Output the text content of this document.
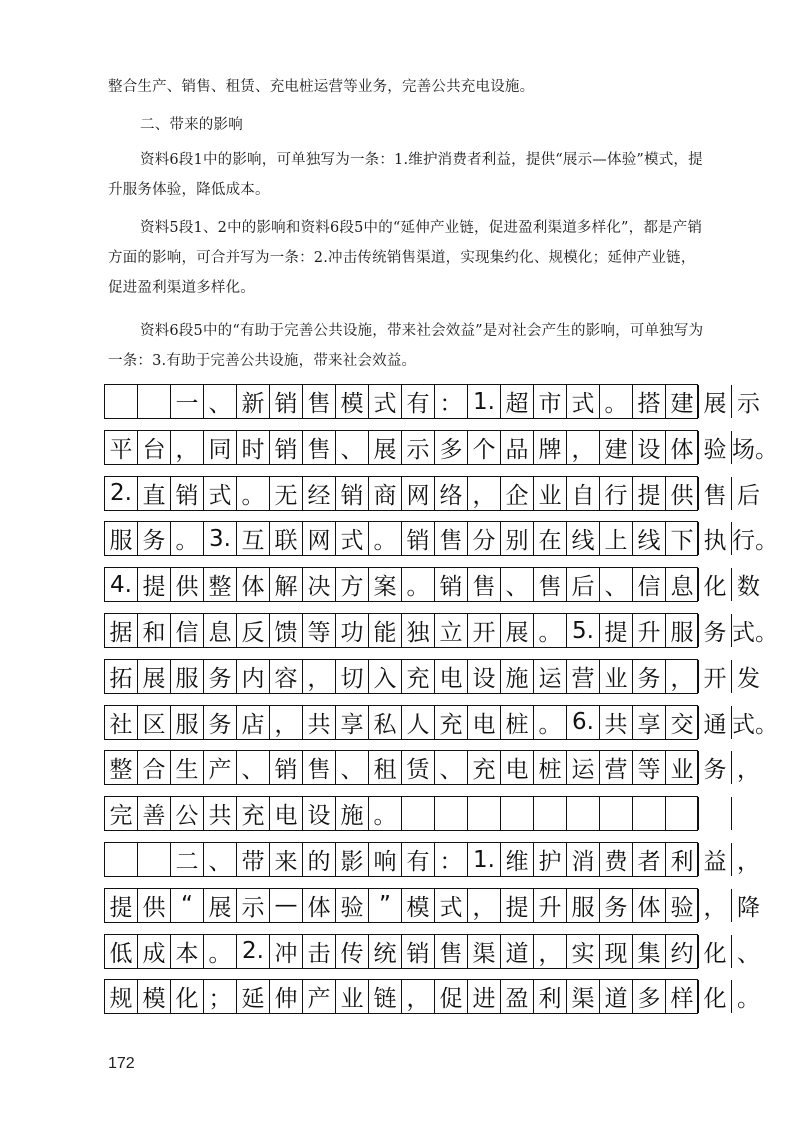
整合生产、销售、租赁、充电桩运营等业务，完善公共充电设施。

二、带来的影响

资料6段1中的影响，可单独写为一条：1.维护消费者利益，提供“展示—体验”模式，提升服务体验，降低成本。

资料5段1、2中的影响和资料6段5中的“延伸产业链，促进盈利渠道多样化”，都是产销方面的影响，可合并写为一条：2.冲击传统销售渠道，实现集约化、规模化；延伸产业链，促进盈利渠道多样化。

资料6段5中的“有助于完善公共设施，带来社会效益”是对社会产生的影响，可单独写为一条：3.有助于完善公共设施，带来社会效益。

一 、 新 销 售 模 式 有 ： 1. 超 市 式 。 搭 建 展 示
平 台 ， 同 时 销 售 、 展 示 多 个 品 牌 ， 建 设 体 验 场。
2. 直 销 式 。 无 经 销 商 网 络 ， 企 业 自 行 提 供 售 后
服 务 。 3. 互 联 网 式 。 销 售 分 别 在 线 上 线 下 执 行。
4. 提 供 整 体 解 决 方 案 。 销 售 、 售 后 、 信 息 化 数
据 和 信 息 反 馈 等 功 能 独 立 开 展 。 5. 提 升 服 务 式。
拓 展 服 务 内 容 ， 切 入 充 电 设 施 运 营 业 务 ， 开 发
社 区 服 务 店 ， 共 享 私 人 充 电 桩 。 6. 共 享 交 通 式。
整 合 生 产 、 销 售 、 租 赁 、 充 电 桩 运 营 等 业 务 ，
完 善 公 共 充 电 设 施 。
二 、 带 来 的 影 响 有 ： 1. 维 护 消 费 者 利 益 ，
提 供 “ 展 示 — 体 验 ” 模 式 ， 提 升 服 务 体 验 ， 降
低 成 本 。 2. 冲 击 传 统 销 售 渠 道 ， 实 现 集 约 化 、
规 模 化 ； 延 伸 产 业 链 ， 促 进 盈 利 渠 道 多 样 化 。
172
